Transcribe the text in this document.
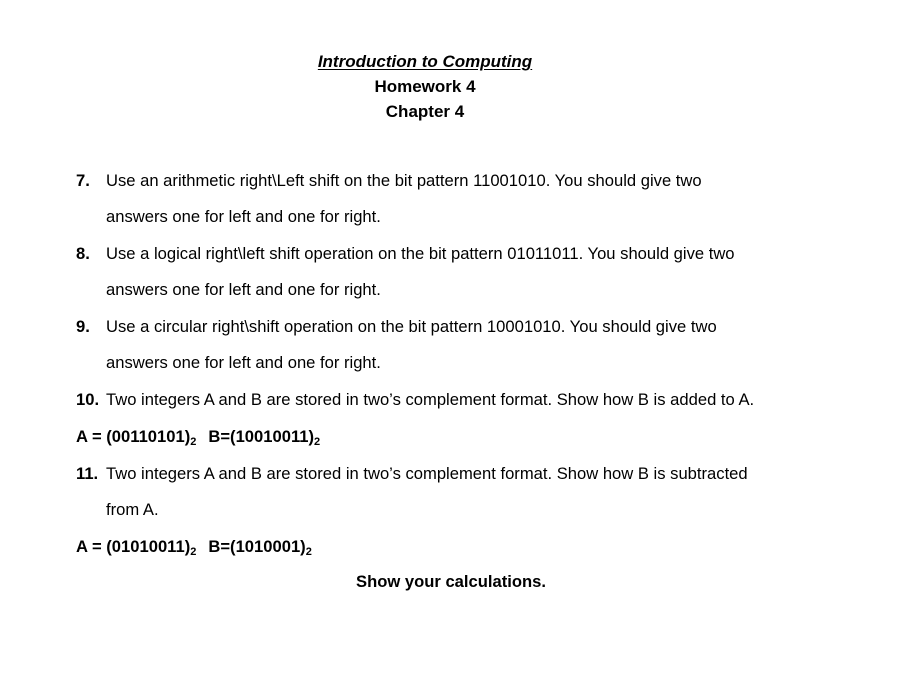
Introduction to Computing
Homework 4
Chapter 4
7. Use an arithmetic right\Left shift on the bit pattern 11001010. You should give two
answers one for left and one for right.
8. Use a logical right\left shift operation on the bit pattern 01011011. You should give two
answers one for left and one for right.
9. Use a circular right\shift operation on the bit pattern 10001010. You should give two
answers one for left and one for right.
10. Two integers A and B are stored in two’s complement format. Show how B is added to A.
$A = (00110101)_2$ $B=(10010011)_2$
11. Two integers A and B are stored in two’s complement format. Show how B is subtracted
from A.
$A = (01010011)_2$ $B=(1010001)_2$
Show your calculations.
